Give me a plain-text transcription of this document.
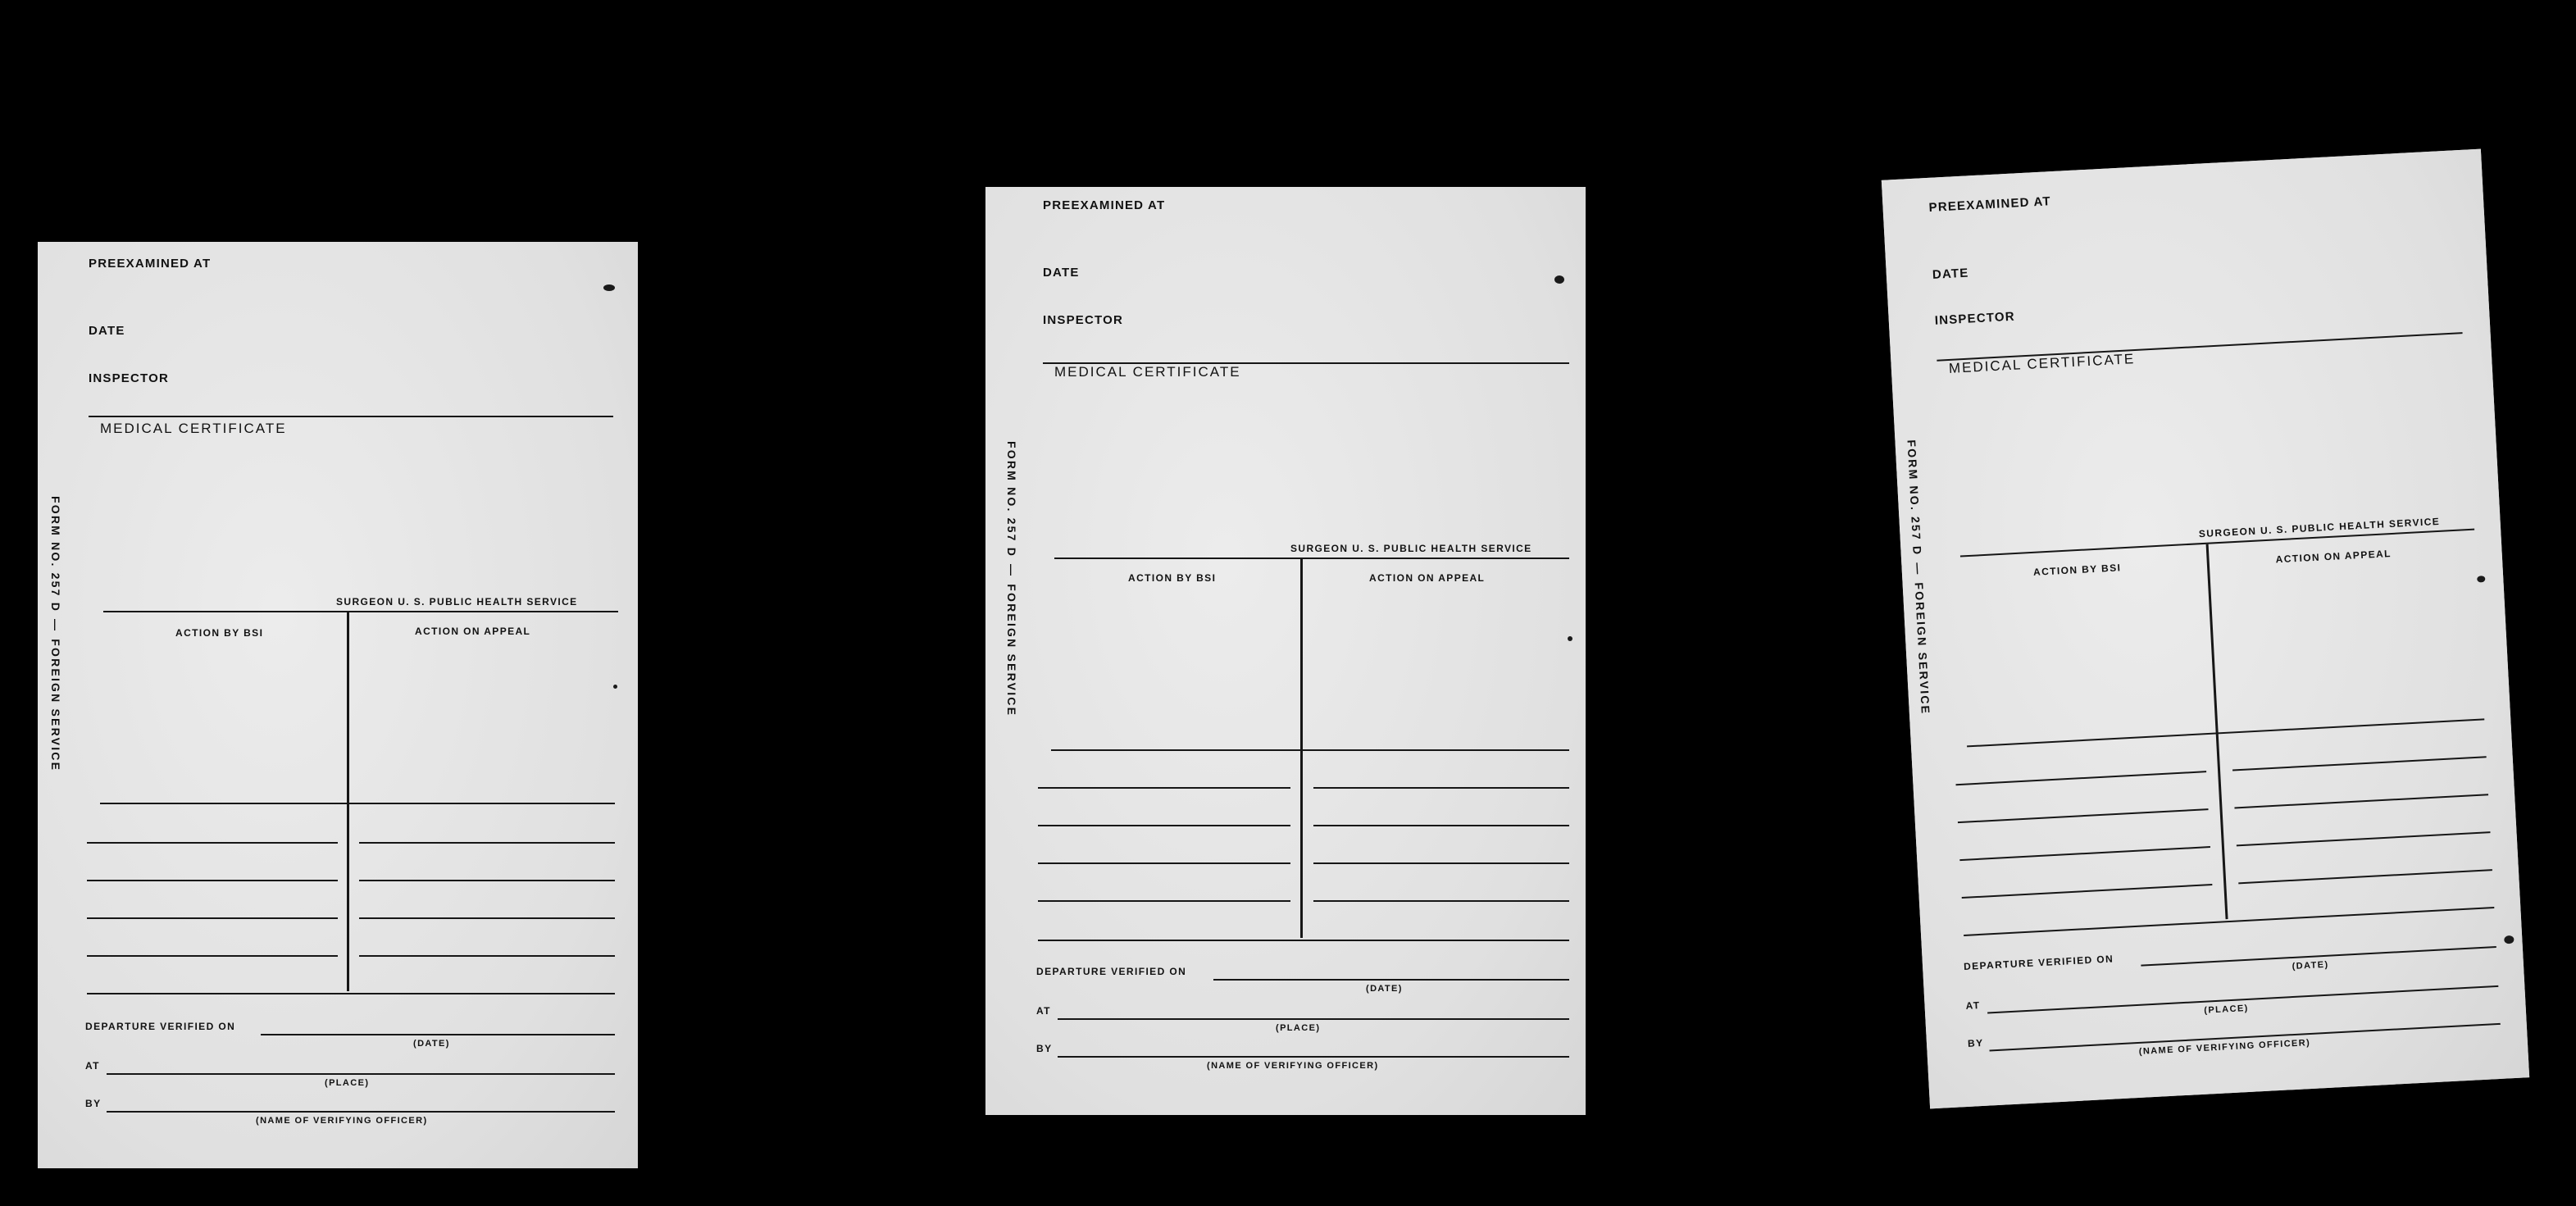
PREEXAMINED AT
DATE
INSPECTOR
MEDICAL CERTIFICATE
FORM NO. 257 D
—
FOREIGN SERVICE
SURGEON U. S. PUBLIC HEALTH SERVICE
ACTION BY BSI	ACTION ON APPEAL
DEPARTURE VERIFIED ON
(DATE)
AT
(PLACE)
BY
(NAME OF VERIFYING OFFICER)
PREEXAMINED AT
DATE
INSPECTOR
MEDICAL CERTIFICATE
FORM NO. 257 D
—
FOREIGN SERVICE
SURGEON U. S. PUBLIC HEALTH SERVICE
ACTION BY BSI	ACTION ON APPEAL
DEPARTURE VERIFIED ON
(DATE)
AT
(PLACE)
BY
(NAME OF VERIFYING OFFICER)
PREEXAMINED AT
DATE
INSPECTOR
MEDICAL CERTIFICATE
FORM NO. 257 D
—
FOREIGN SERVICE
SURGEON U. S. PUBLIC HEALTH SERVICE
ACTION BY BSI
ACTION ON APPEAL
DEPARTURE VERIFIED ON	(DATE)
AT	(PLACE)
BY	(NAME OF VERIFYING OFFICER)
